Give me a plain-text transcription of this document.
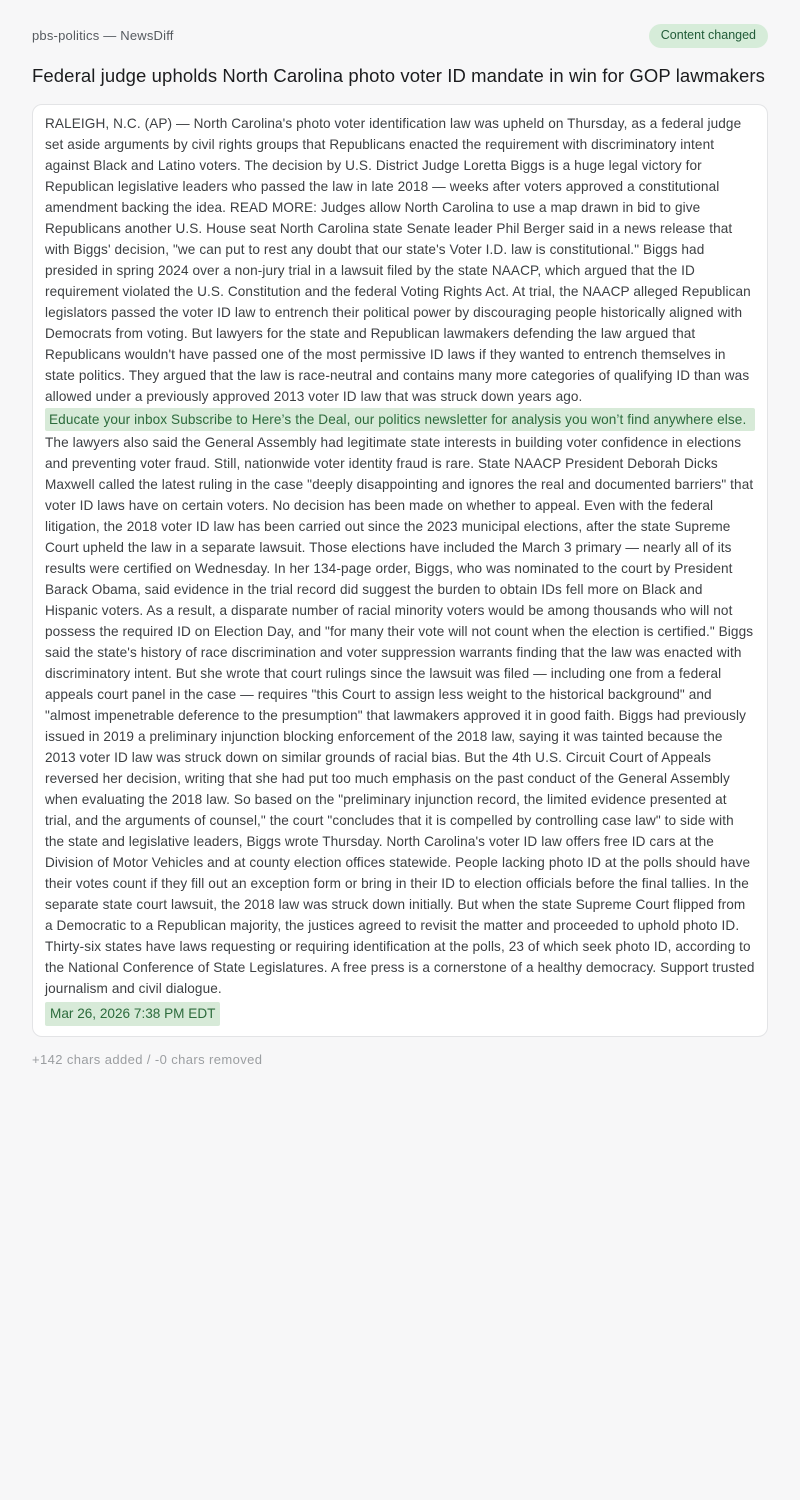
pbs-politics — NewsDiff	Content changed
Federal judge upholds North Carolina photo voter ID mandate in win for GOP lawmakers
RALEIGH, N.C. (AP) — North Carolina's photo voter identification law was upheld on Thursday, as a federal judge set aside arguments by civil rights groups that Republicans enacted the requirement with discriminatory intent against Black and Latino voters. The decision by U.S. District Judge Loretta Biggs is a huge legal victory for Republican legislative leaders who passed the law in late 2018 — weeks after voters approved a constitutional amendment backing the idea. READ MORE: Judges allow North Carolina to use a map drawn in bid to give Republicans another U.S. House seat North Carolina state Senate leader Phil Berger said in a news release that with Biggs' decision, "we can put to rest any doubt that our state's Voter I.D. law is constitutional." Biggs had presided in spring 2024 over a non-jury trial in a lawsuit filed by the state NAACP, which argued that the ID requirement violated the U.S. Constitution and the federal Voting Rights Act. At trial, the NAACP alleged Republican legislators passed the voter ID law to entrench their political power by discouraging people historically aligned with Democrats from voting. But lawyers for the state and Republican lawmakers defending the law argued that Republicans wouldn't have passed one of the most permissive ID laws if they wanted to entrench themselves in state politics. They argued that the law is race-neutral and contains many more categories of qualifying ID than was allowed under a previously approved 2013 voter ID law that was struck down years ago.
Educate your inbox Subscribe to Here’s the Deal, our politics newsletter for analysis you won’t find anywhere else.
The lawyers also said the General Assembly had legitimate state interests in building voter confidence in elections and preventing voter fraud. Still, nationwide voter identity fraud is rare. State NAACP President Deborah Dicks Maxwell called the latest ruling in the case "deeply disappointing and ignores the real and documented barriers" that voter ID laws have on certain voters. No decision has been made on whether to appeal. Even with the federal litigation, the 2018 voter ID law has been carried out since the 2023 municipal elections, after the state Supreme Court upheld the law in a separate lawsuit. Those elections have included the March 3 primary — nearly all of its results were certified on Wednesday. In her 134-page order, Biggs, who was nominated to the court by President Barack Obama, said evidence in the trial record did suggest the burden to obtain IDs fell more on Black and Hispanic voters. As a result, a disparate number of racial minority voters would be among thousands who will not possess the required ID on Election Day, and "for many their vote will not count when the election is certified." Biggs said the state's history of race discrimination and voter suppression warrants finding that the law was enacted with discriminatory intent. But she wrote that court rulings since the lawsuit was filed — including one from a federal appeals court panel in the case — requires "this Court to assign less weight to the historical background" and "almost impenetrable deference to the presumption" that lawmakers approved it in good faith. Biggs had previously issued in 2019 a preliminary injunction blocking enforcement of the 2018 law, saying it was tainted because the 2013 voter ID law was struck down on similar grounds of racial bias. But the 4th U.S. Circuit Court of Appeals reversed her decision, writing that she had put too much emphasis on the past conduct of the General Assembly when evaluating the 2018 law. So based on the "preliminary injunction record, the limited evidence presented at trial, and the arguments of counsel," the court "concludes that it is compelled by controlling case law" to side with the state and legislative leaders, Biggs wrote Thursday. North Carolina's voter ID law offers free ID cars at the Division of Motor Vehicles and at county election offices statewide. People lacking photo ID at the polls should have their votes count if they fill out an exception form or bring in their ID to election officials before the final tallies. In the separate state court lawsuit, the 2018 law was struck down initially. But when the state Supreme Court flipped from a Democratic to a Republican majority, the justices agreed to revisit the matter and proceeded to uphold photo ID. Thirty-six states have laws requesting or requiring identification at the polls, 23 of which seek photo ID, according to the National Conference of State Legislatures. A free press is a cornerstone of a healthy democracy. Support trusted journalism and civil dialogue.
Mar 26, 2026 7:38 PM EDT
+142 chars added / -0 chars removed
